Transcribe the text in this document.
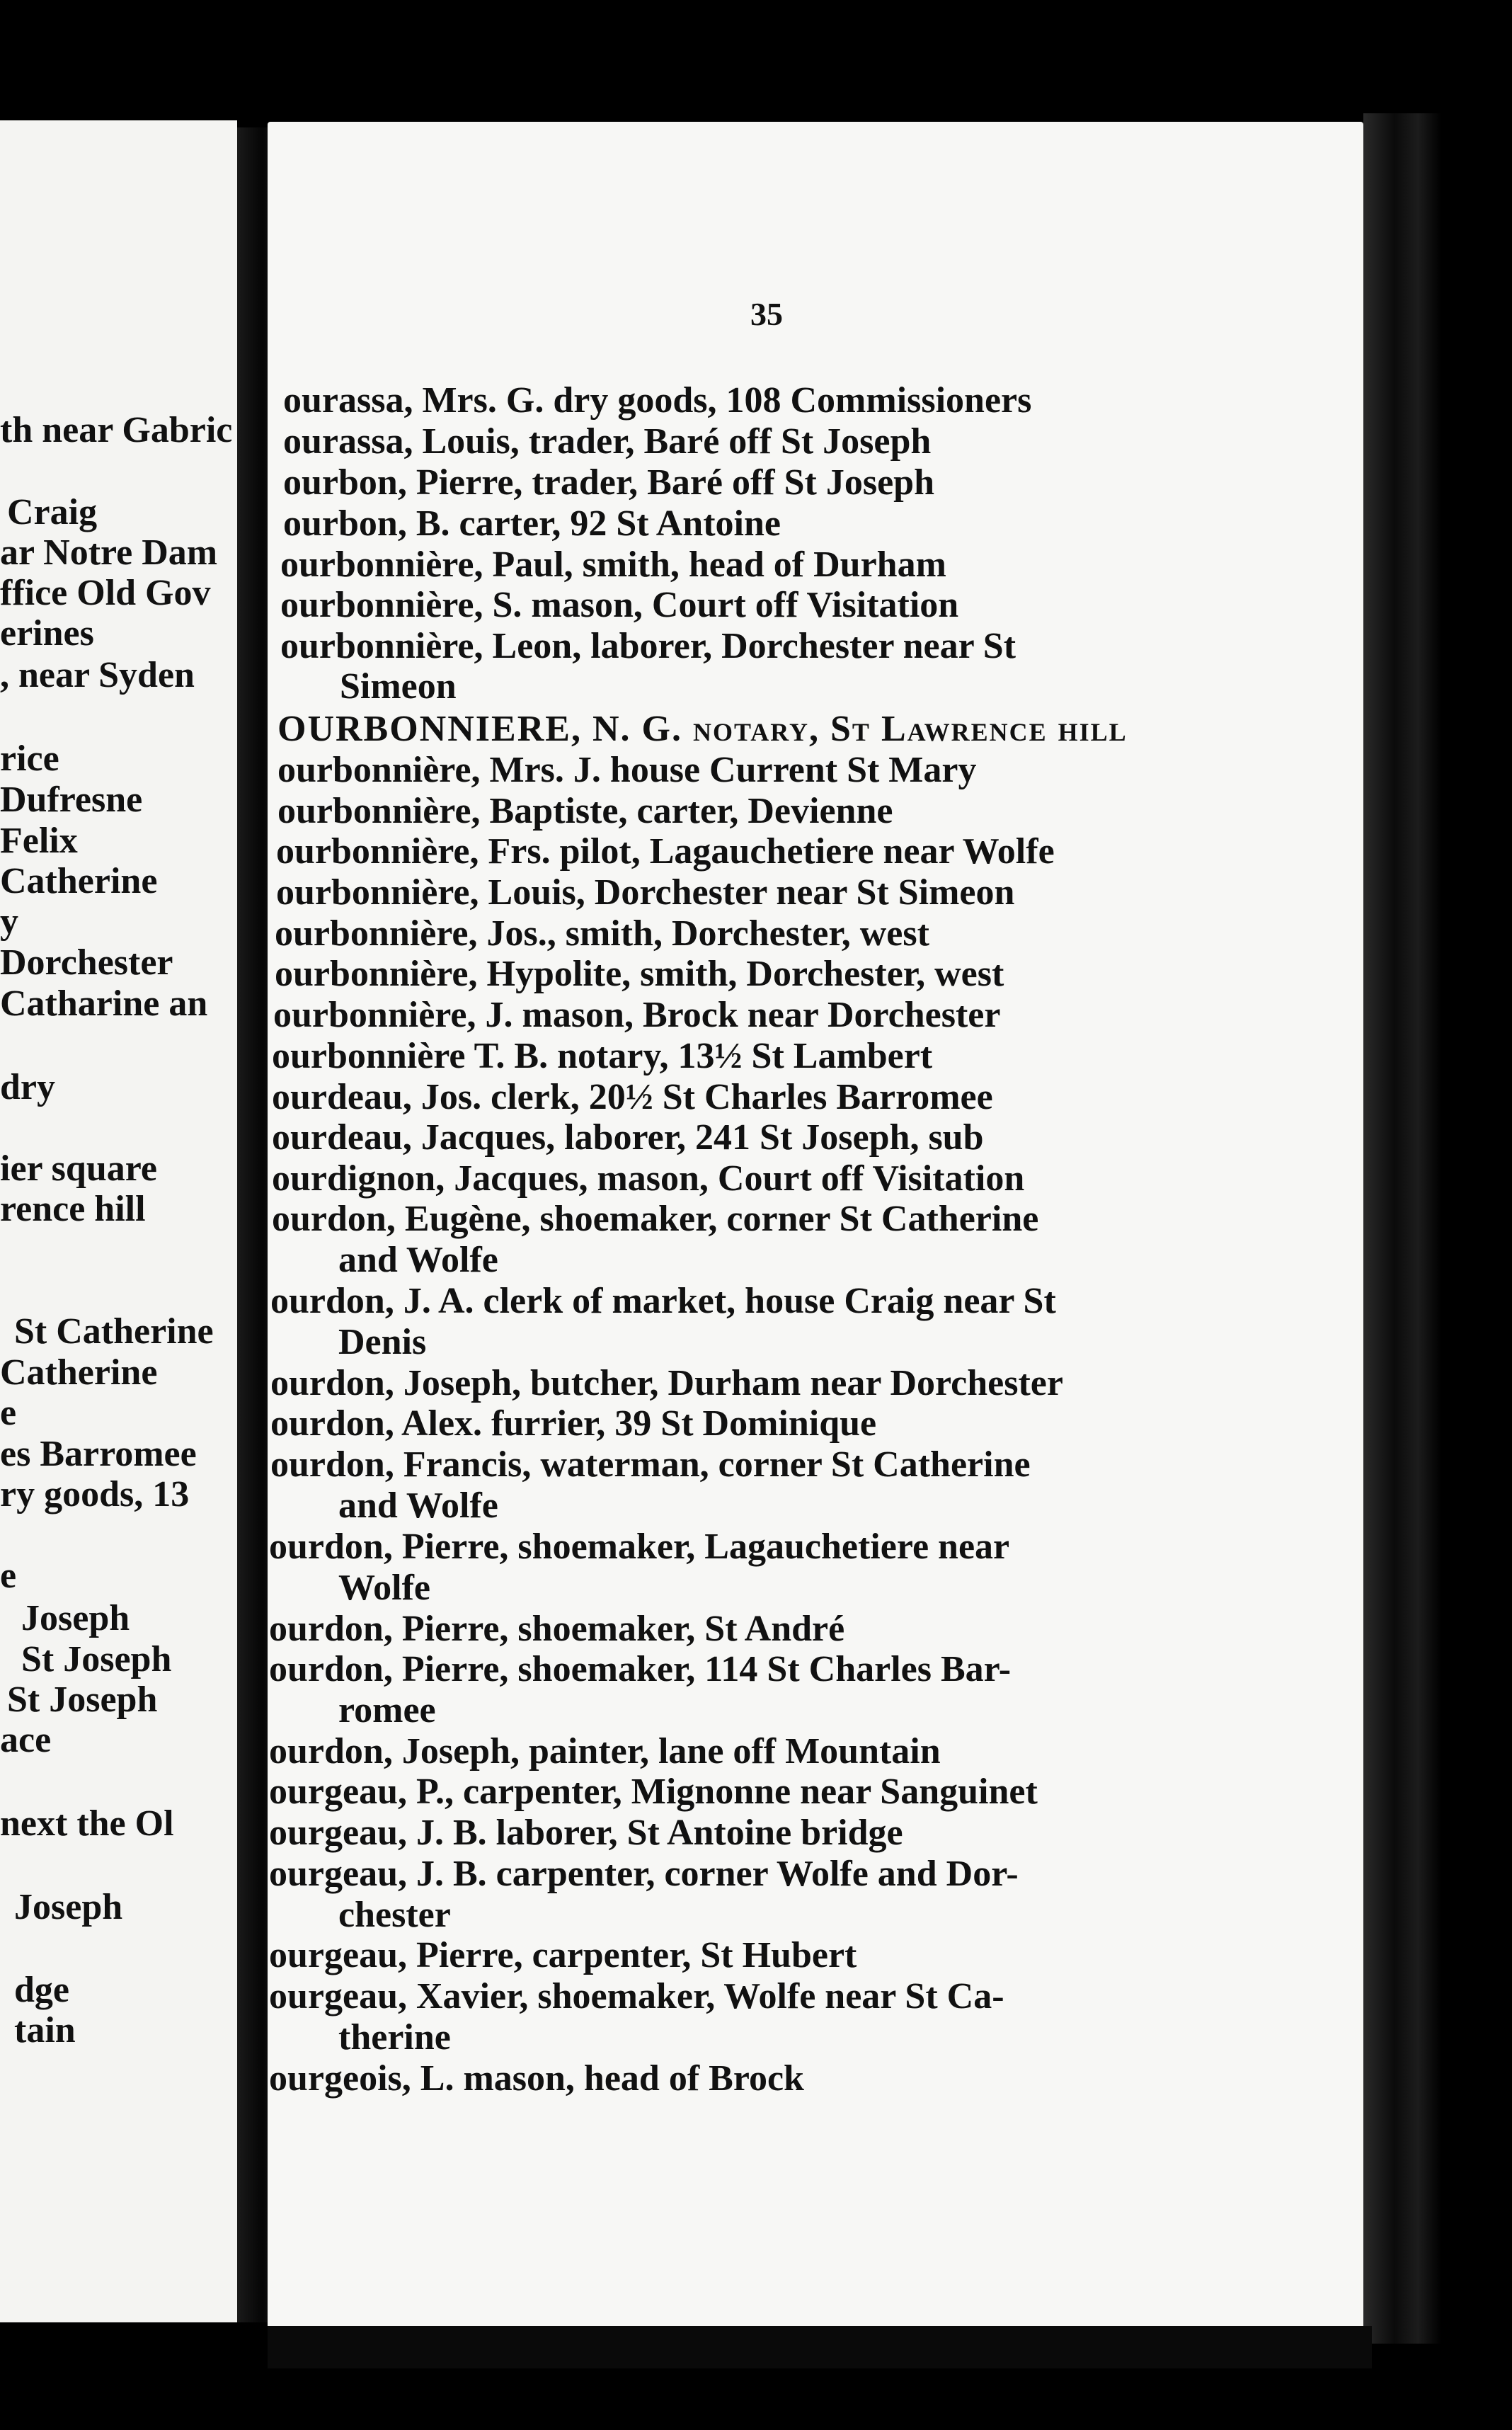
th near Gabric
Craig
ar Notre Dam
ffice Old Gov
erines
, near Syden
rice
Dufresne
Felix
Catherine
y
Dorchester
Catharine an
dry
ier square
rence hill
St Catherine
Catherine
e
es Barromee
ry goods, 13
e
Joseph
St Joseph
St Joseph
ace
next the Ol
Joseph
dge
tain
35
ourassa, Mrs. G. dry goods, 108 Commissioners
ourassa, Louis, trader, Baré off St Joseph
ourbon, Pierre, trader, Baré off St Joseph
ourbon, B. carter, 92 St Antoine
ourbonnière, Paul, smith, head of Durham
ourbonnière, S. mason, Court off Visitation
ourbonnière, Leon, laborer, Dorchester near St
Simeon
OURBONNIERE, N. G. notary, St Lawrence hill
ourbonnière, Mrs. J. house Current St Mary
ourbonnière, Baptiste, carter, Devienne
ourbonnière, Frs. pilot, Lagauchetiere near Wolfe
ourbonnière, Louis, Dorchester near St Simeon
ourbonnière, Jos., smith, Dorchester, west
ourbonnière, Hypolite, smith, Dorchester, west
ourbonnière, J. mason, Brock near Dorchester
ourbonnière T. B. notary, 13½ St Lambert
ourdeau, Jos. clerk, 20½ St Charles Barromee
ourdeau, Jacques, laborer, 241 St Joseph, sub
ourdignon, Jacques, mason, Court off Visitation
ourdon, Eugène, shoemaker, corner St Catherine
and Wolfe
ourdon, J. A. clerk of market, house Craig near St
Denis
ourdon, Joseph, butcher, Durham near Dorchester
ourdon, Alex. furrier, 39 St Dominique
ourdon, Francis, waterman, corner St Catherine
and Wolfe
ourdon, Pierre, shoemaker, Lagauchetiere near
Wolfe
ourdon, Pierre, shoemaker, St André
ourdon, Pierre, shoemaker, 114 St Charles Bar-
romee
ourdon, Joseph, painter, lane off Mountain
ourgeau, P., carpenter, Mignonne near Sanguinet
ourgeau, J. B. laborer, St Antoine bridge
ourgeau, J. B. carpenter, corner Wolfe and Dor-
chester
ourgeau, Pierre, carpenter, St Hubert
ourgeau, Xavier, shoemaker, Wolfe near St Ca-
therine
ourgeois, L. mason, head of Brock
